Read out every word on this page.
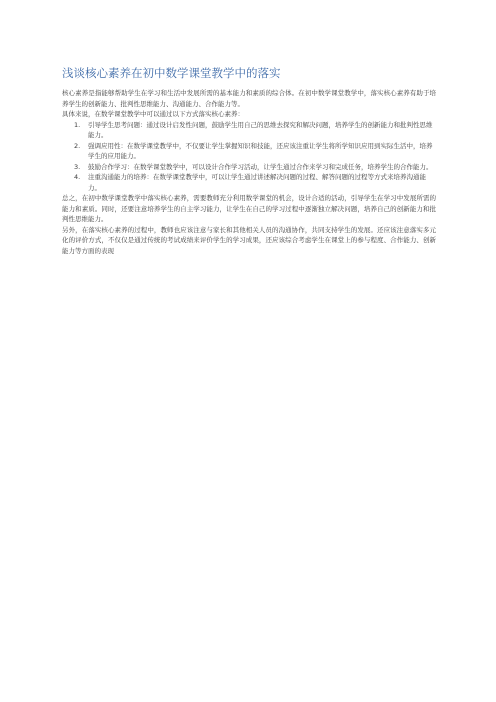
浅谈核心素养在初中数学课堂教学中的落实

核心素养是指能够帮助学生在学习和生活中发展所需的基本能力和素质的综合体。在初中数学课堂教学中，落实核心素养有助于培养学生的创新能力、批判性思维能力、沟通能力、合作能力等。

具体来说，在数学课堂教学中可以通过以下方式落实核心素养：

1. 引导学生思考问题：通过设计启发性问题，鼓励学生用自己的思维去探究和解决问题，培养学生的创新能力和批判性思维能力。
2. 强调应用性：在数学课堂教学中，不仅要让学生掌握知识和技能，还应该注重让学生将所学知识应用到实际生活中，培养学生的应用能力。
3. 鼓励合作学习：在数学课堂教学中，可以设计合作学习活动，让学生通过合作来学习和完成任务，培养学生的合作能力。
4. 注重沟通能力的培养：在数学课堂教学中，可以让学生通过讲述解决问题的过程、解答问题的过程等方式来培养沟通能力。

总之，在初中数学课堂教学中落实核心素养，需要教师充分利用数学课堂的机会，设计合适的活动，引导学生在学习中发展所需的能力和素质。同时，还要注意培养学生的自主学习能力，让学生在自己的学习过程中逐渐独立解决问题，培养自己的创新能力和批判性思维能力。

另外，在落实核心素养的过程中，教师也应该注意与家长和其他相关人员的沟通协作，共同支持学生的发展。还应该注意落实多元化的评价方式，不仅仅是通过传统的考试成绩来评价学生的学习成果，还应该综合考虑学生在课堂上的参与程度、合作能力、创新能力等方面的表现
